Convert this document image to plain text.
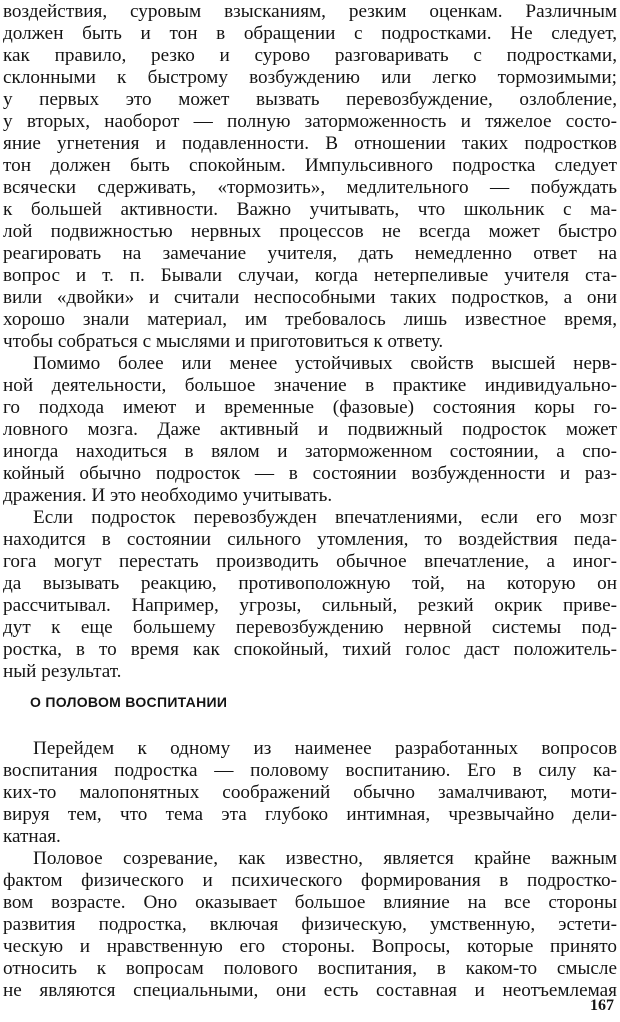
воздействия, суровым взысканиям, резким оценкам. Различным
должен быть и тон в обращении с подростками. Не следует,
как правило, резко и сурово разговаривать с подростками,
склонными к быстрому возбуждению или легко тормозимыми;
у первых это может вызвать перевозбуждение, озлобление,
у вторых, наоборот — полную заторможенность и тяжелое состо-
яние угнетения и подавленности. В отношении таких подростков
тон должен быть спокойным. Импульсивного подростка следует
всячески сдерживать, «тормозить», медлительного — побуждать
к большей активности. Важно учитывать, что школьник с ма-
лой подвижностью нервных процессов не всегда может быстро
реагировать на замечание учителя, дать немедленно ответ на
вопрос и т. п. Бывали случаи, когда нетерпеливые учителя ста-
вили «двойки» и считали неспособными таких подростков, а они
хорошо знали материал, им требовалось лишь известное время,
чтобы собраться с мыслями и приготовиться к ответу.
Помимо более или менее устойчивых свойств высшей нерв-
ной деятельности, большое значение в практике индивидуально-
го подхода имеют и временные (фазовые) состояния коры го-
ловного мозга. Даже активный и подвижный подросток может
иногда находиться в вялом и заторможенном состоянии, а спо-
койный обычно подросток — в состоянии возбужденности и раз-
дражения. И это необходимо учитывать.
Если подросток перевозбужден впечатлениями, если его мозг
находится в состоянии сильного утомления, то воздействия педа-
гога могут перестать производить обычное впечатление, а иног-
да вызывать реакцию, противоположную той, на которую он
рассчитывал. Например, угрозы, сильный, резкий окрик приве-
дут к еще большему перевозбуждению нервной системы под-
ростка, в то время как спокойный, тихий голос даст положитель-
ный результат.
О ПОЛОВОМ ВОСПИТАНИИ
Перейдем к одному из наименее разработанных вопросов
воспитания подростка — половому воспитанию. Его в силу ка-
ких-то малопонятных соображений обычно замалчивают, моти-
вируя тем, что тема эта глубоко интимная, чрезвычайно дели-
катная.
Половое созревание, как известно, является крайне важным
фактом физического и психического формирования в подростко-
вом возрасте. Оно оказывает большое влияние на все стороны
развития подростка, включая физическую, умственную, эстети-
ческую и нравственную его стороны. Вопросы, которые принято
относить к вопросам полового воспитания, в каком-то смысле
не являются специальными, они есть составная и неотъемлемая
167
